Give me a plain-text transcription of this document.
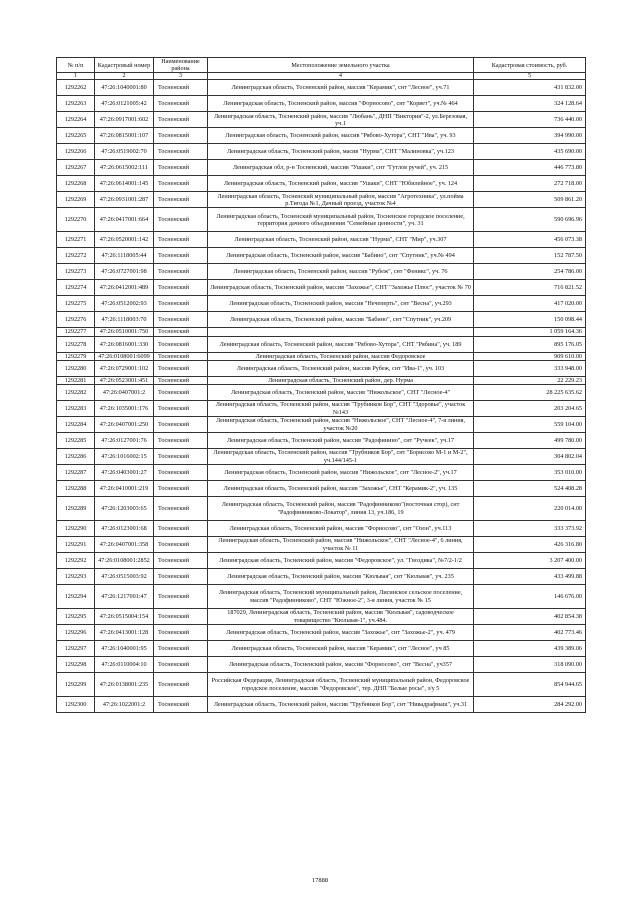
№ п/п	Кадастровый номер	Наименование района	Местоположение земельного участка	Кадастровая стоимость, руб.
1	2	3	4	5
1292262	47:26:1040001:80	Тосненский	Ленинградская область, Тосненский район, массив "Керамик", снт "Лесное", уч.71	431 832.00
1292263	47:26:0121005:42	Тосненский	Ленинградская область, Тосненский район, массив "Форносово", снт "Корвет", уч.№ 464	324 128.64
1292264	47:26:0917001:602	Тосненский	Ленинградская область, Тосненский район, массив "Любань", ДНП "Виктория"-2, ул.Березовая, уч.1	736 440.00
1292265	47:26:0815001:107	Тосненский	Ленинградская область, Тосненский район, массив "Рябово-Хутора", СНТ "Ива", уч. 93	394 990.00
1292266	47:26:0519002:70	Тосненский	Ленинградская область, Тосненский район, масив "Нурма", СНТ "Малиновка", уч.123	435 690.00
1292267	47:26:0615002:111	Тосненский	Ленинградская обл, р-н Тосненский, массив "Ушаки", снт "Гутлов ручей", уч. 215	446 773.80
1292268	47:26:0614001:145	Тосненский	Ленинградская область, Тосненский район, массив "Ушаки", СНТ "Юбилейное", уч. 124	272 718.00
1292269	47:26:0931001:287	Тосненский	Ленинградская область, Тосненский муниципальный район, массив "Агротехника", ул.пойма р.Тигода №1, Дачный проезд, участок №4	509 861.20
1292270	47:26:0417001:664	Тосненский	Ленинградская область, Тосненский муниципальный район, Тосненское городское поселение, территория дачного объединения "Семейные ценности", уч. 31	590 696.96
1292271	47:26:0520001:142	Тосненский	Ленинградская область, Тосненский район, массив "Нурма", СНТ "Мир", уч.307	456 073.38
1292272	47:26:1118005:44	Тосненский	Ленинградская область, Тосненский район, массив "Бабино", снт "Спутник", уч.№ 494	152 787.50
1292273	47:26:0727001:98	Тосненский	Ленинградская область, Тосненский район, массив "Рубеж", снт "Феникс", уч. 76	254 786.00
1292274	47:26:0412001:489	Тосненский	Ленинградская область, Тосненский район, массив "Захожье", СНТ "Захожье Плюс", участок № 70	716 821.52
1292275	47:26:0512002:93	Тосненский	Ленинградская область, Тосненский район, массив "Нечеперть", снт "Весна", уч.293	417 020.00
1292276	47:26:1118003:70	Тосненский	Ленинградская область, Тосненский район, массив "Бабино", снт "Спутник", уч.209	150 098.44
1292277	47:26:0510001:750	Тосненский		1 059 164.36
1292278	47:26:0816001:330	Тосненский	Ленинградская область, Тосненский район, массив "Рябово-Хутора", СНТ "Рябина", уч. 189	895 176.05
1292279	47:26:0108001:6099	Тосненский	Ленинградская область, Тосненский район, массив Федоровское	909 610.00
1292280	47:26:0729001:102	Тосненский	Ленинградская область, Тосненский район, массив Рубеж, снт "Ива-1", уч. 103	333 948.00
1292281	47:26:0523001:451	Тосненский	Ленинградская область, Тосненский район, дер. Нурма	22 229.23
1292282	47:26:0407001:2	Тосненский	Ленинградская область, Тосненский район, массив "Нижольское", СНТ "Лесное-4"	28 225 635.62
1292283	47:26:1035001:176	Тосненский	Ленинградская область, Тосненский район, массив "Трубников Бор", СНТ "Здоровье", участок №143	203 204.65
1292284	47:26:0407001:250	Тосненский	Ленинградская область, Тосненский район, массив "Нижольское", СНТ "Лесное-4", 7-я линия, участок №20	559 104.00
1292285	47:26:0127001:76	Тосненский	Ленинградская область, Тосненский район, массив "Радофинино", снт "Ручеек", уч.17	499 780.00
1292286	47:26:1016002:15	Тосненский	Ленинградская область, Тосненский район, массив "Трубников Бор", снт "Борисово М-1 и М-2", уч.144/145-1	304 802.04
1292287	47:26:0403001:27	Тосненский	Ленинградская область, Тосненский район, массив "Нижольское", снт "Лесное-2", уч.17	353 010.00
1292288	47:26:0410001:219	Тосненский	Ленинградская область, Тосненский район, массив "Захожье", СНТ "Керамик-2", уч. 135	524 408.28
1292289	47:26:1203003:65	Тосненский	Ленинградская область, Тосненский район, массив "Радофинниково"(восточная стор), снт "Радофинниково-Локатор", линия 13, уч.186, 19	220 014.00
1292290	47:26:0123001:68	Тосненский	Ленинградская область, Тосненский район, массив "Форносово", снт "Озон", уч.113	333 373.92
1292291	47:26:0407001:358	Тосненский	Ленинградская область, Тосненский район, массив "Нижольское", СНТ "Лесное-4", 6 линия, участок № 11	426 316.80
1292292	47:26:0108001:2852	Тосненский	Ленинградская область, Тосненский район, массив "Федоровское", ул. "Гвоздика", №7/2-1/2	3 207 400.00
1292293	47:26:0515003:92	Тосненский	Ленинградская область, Тосненский район, массив "Кюльвая", снт "Кюльвая", уч. 235	433 499.88
1292294	47:26:1217001:47	Тосненский	Ленинградская область, Тосненский муниципальный район, Лисинское сельское поселение, массив "Радофинниково", СНТ "Южное-2", 3-я линия, участок № 15	146 676.00
1292295	47:26:0515004:154	Тосненский	187029, Ленинградская область, Тосненский район, массив "Кюльвая", садоводческое товарищество "Кюльвая-1", уч.484.	402 854.38
1292296	47:26:0413001:128	Тосненский	Ленинградская область, Тосненский район, массив "Захожье", снт "Захожье-2", уч. 479	402 773.46
1292297	47:26:1040001:95	Тосненский	Ленинградская область, Тосненский район, массив "Керамик", снт "Лесное", уч 85	439 389.06
1292298	47:26:0110004:10	Тосненский	Ленинградская область, Тосненский район, массив "Форносово", снт "Весна", уч357	318 090.00
1292299	47:26:0138001:235	Тосненский	Российская Федерация, Ленинградская область, Тосненский муниципальный район, Федоровское городское поселение, массив "Федоровское", тер. ДНП "Белые росы", з/у 5	854 944.65
1292300	47:26:1022001:2	Тосненский	Ленинградская область, Тосненский район, массив "Трубников Бор", снт "Нивадрафмаш", уч.31	284 292.00
17888
